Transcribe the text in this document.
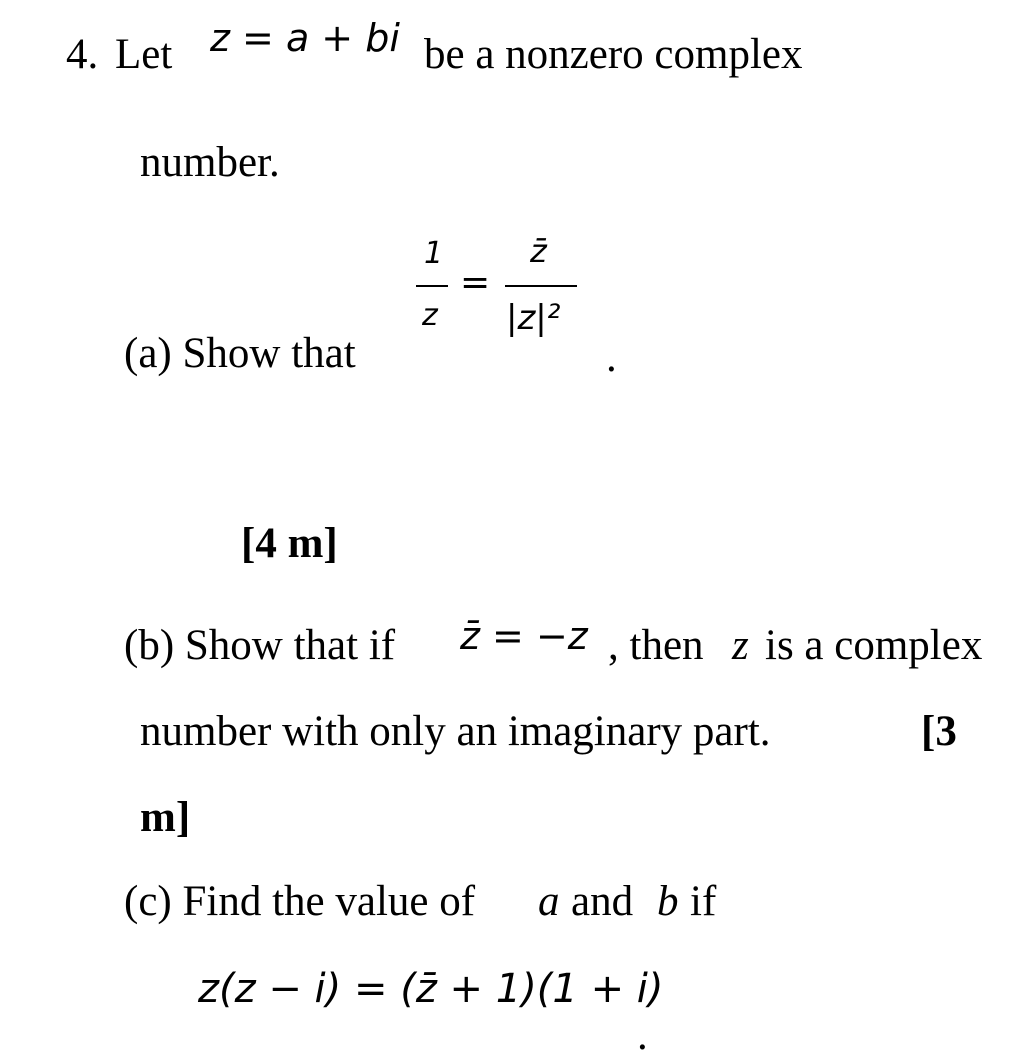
4. Let z = a + bi be a nonzero complex
number.
(a) Show that
1
z
=
z̄
|z|²
.
[4 m]
(b) Show that if z̄ = −z , then z is a complex
number with only an imaginary part.	[3
m]
(c) Find the value of a and b if
z(z − i) = (z̄ + 1)(1 + i)
.
